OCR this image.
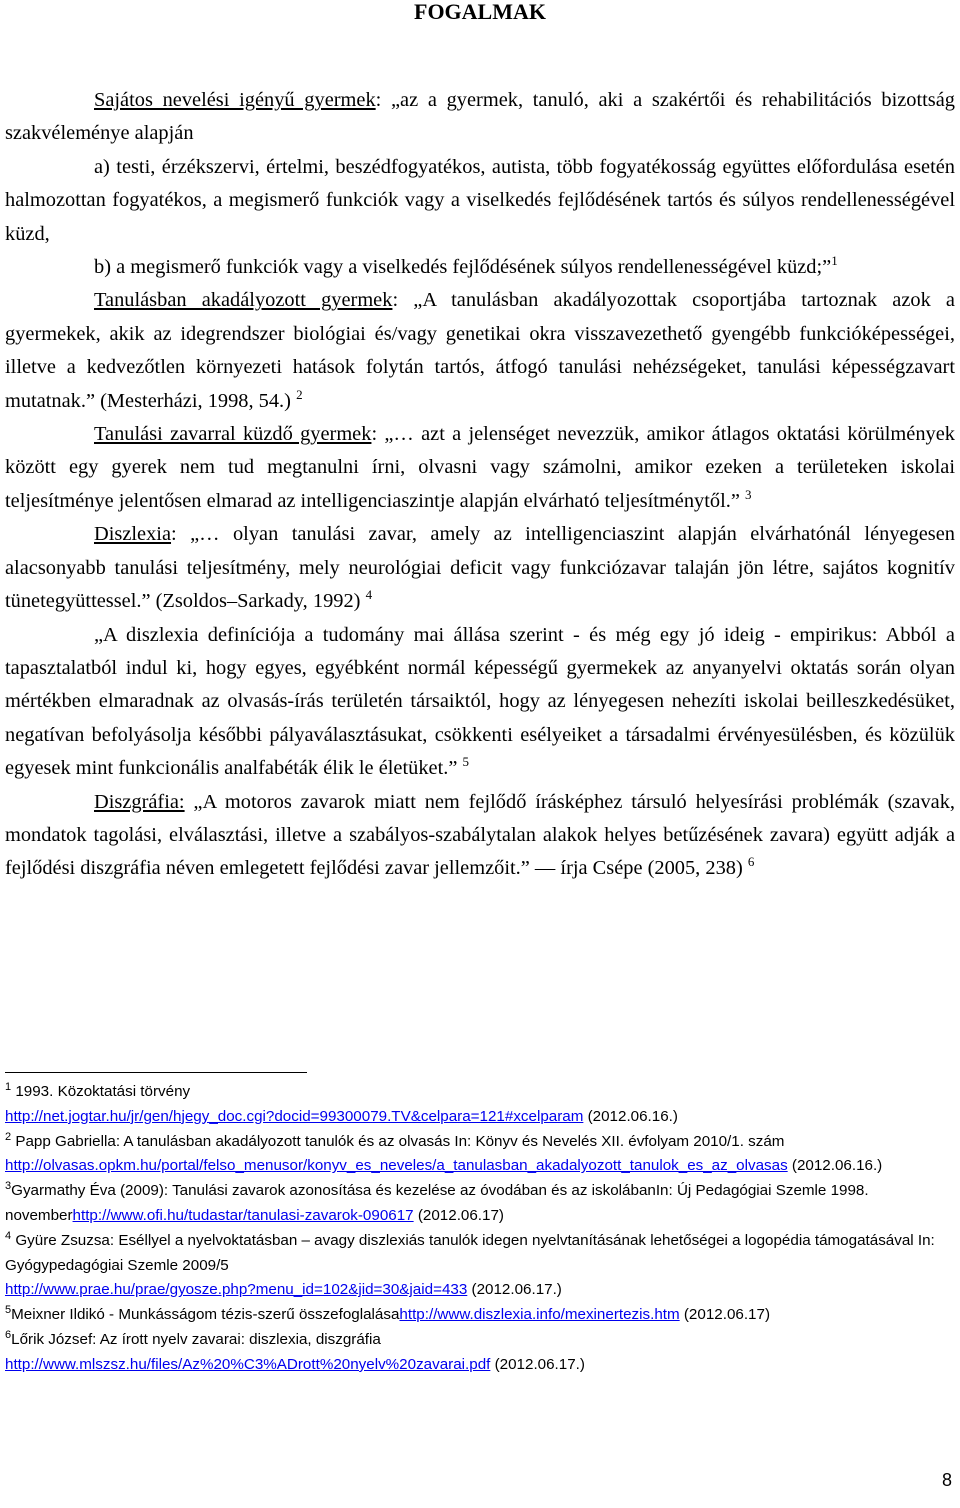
FOGALMAK

Sajátos nevelési igényű gyermek: „az a gyermek, tanuló, aki a szakértői és rehabilitációs bizottság szakvéleménye alapján

a) testi, érzékszervi, értelmi, beszédfogyatékos, autista, több fogyatékosság együttes előfordulása esetén halmozottan fogyatékos, a megismerő funkciók vagy a viselkedés fejlődésének tartós és súlyos rendellenességével küzd,

b) a megismerő funkciók vagy a viselkedés fejlődésének súlyos rendellenességével küzd;”$^1$

Tanulásban akadályozott gyermek: „A tanulásban akadályozottak csoportjába tartoznak azok a gyermekek, akik az idegrendszer biológiai és/vagy genetikai okra visszavezethető gyengébb funkcióképességei, illetve a kedvezőtlen környezeti hatások folytán tartós, átfogó tanulási nehézségeket, tanulási képességzavart mutatnak.” (Mesterházi, 1998, 54.) $^2$

Tanulási zavarral küzdő gyermek: „… azt a jelenséget nevezzük, amikor átlagos oktatási körülmények között egy gyerek nem tud megtanulni írni, olvasni vagy számolni, amikor ezeken a területeken iskolai teljesítménye jelentősen elmarad az intelligenciaszintje alapján elvárható teljesítménytől.” $^3$

Diszlexia: „… olyan tanulási zavar, amely az intelligenciaszint alapján elvárhatónál lényegesen alacsonyabb tanulási teljesítmény, mely neurológiai deficit vagy funkciózavar talaján jön létre, sajátos kognitív tünetegyüttessel.” (Zsoldos–Sarkady, 1992) $^4$

„A diszlexia definíciója a tudomány mai állása szerint - és még egy jó ideig - empirikus: Abból a tapasztalatból indul ki, hogy egyes, egyébként normál képességű gyermekek az anyanyelvi oktatás során olyan mértékben elmaradnak az olvasás-írás területén társaiktól, hogy az lényegesen nehezíti iskolai beilleszkedésüket, negatívan befolyásolja későbbi pályaválasztásukat, csökkenti esélyeiket a társadalmi érvényesülésben, és közülük egyesek mint funkcionális analfabéták élik le életüket.” $^5$

Diszgráfia: „A motoros zavarok miatt nem fejlődő írásképhez társuló helyesírási problémák (szavak, mondatok tagolási, elválasztási, illetve a szabályos-szabálytalan alakok helyes betűzésének zavara) együtt adják a fejlődési diszgráfia néven emlegetett fejlődési zavar jellemzőit.” — írja Csépe (2005, 238) $^6$

$^1$ 1993. Közoktatási törvény
http://net.jogtar.hu/jr/gen/hjegy_doc.cgi?docid=99300079.TV&celpara=121#xcelparam (2012.06.16.)

$^2$ Papp Gabriella: A tanulásban akadályozott tanulók és az olvasás In: Könyv és Nevelés XII. évfolyam 2010/1. szám
http://olvasas.opkm.hu/portal/felso_menusor/konyv_es_neveles/a_tanulasban_akadalyozott_tanulok_es_az_olvasas (2012.06.16.)

$^3$Gyarmathy Éva (2009): Tanulási zavarok azonosítása és kezelése az óvodában és az iskolábanIn: Új Pedagógiai Szemle 1998. novemberhttp://www.ofi.hu/tudastar/tanulasi-zavarok-090617 (2012.06.17)

$^4$ Gyüre Zsuzsa: Eséllyel a nyelvoktatásban – avagy diszlexiás tanulók idegen nyelvtanításának lehetőségei a logopédia támogatásával In: Gyógypedagógiai Szemle 2009/5
http://www.prae.hu/prae/gyosze.php?menu_id=102&jid=30&jaid=433 (2012.06.17.)

$^5$Meixner Ildikó - Munkásságom tézis-szerű összefoglalásahttp://www.diszlexia.info/mexinertezis.htm (2012.06.17)

$^6$Lőrik József: Az írott nyelv zavarai: diszlexia, diszgráfia
http://www.mlszsz.hu/files/Az%20%C3%ADrott%20nyelv%20zavarai.pdf (2012.06.17.)

8
